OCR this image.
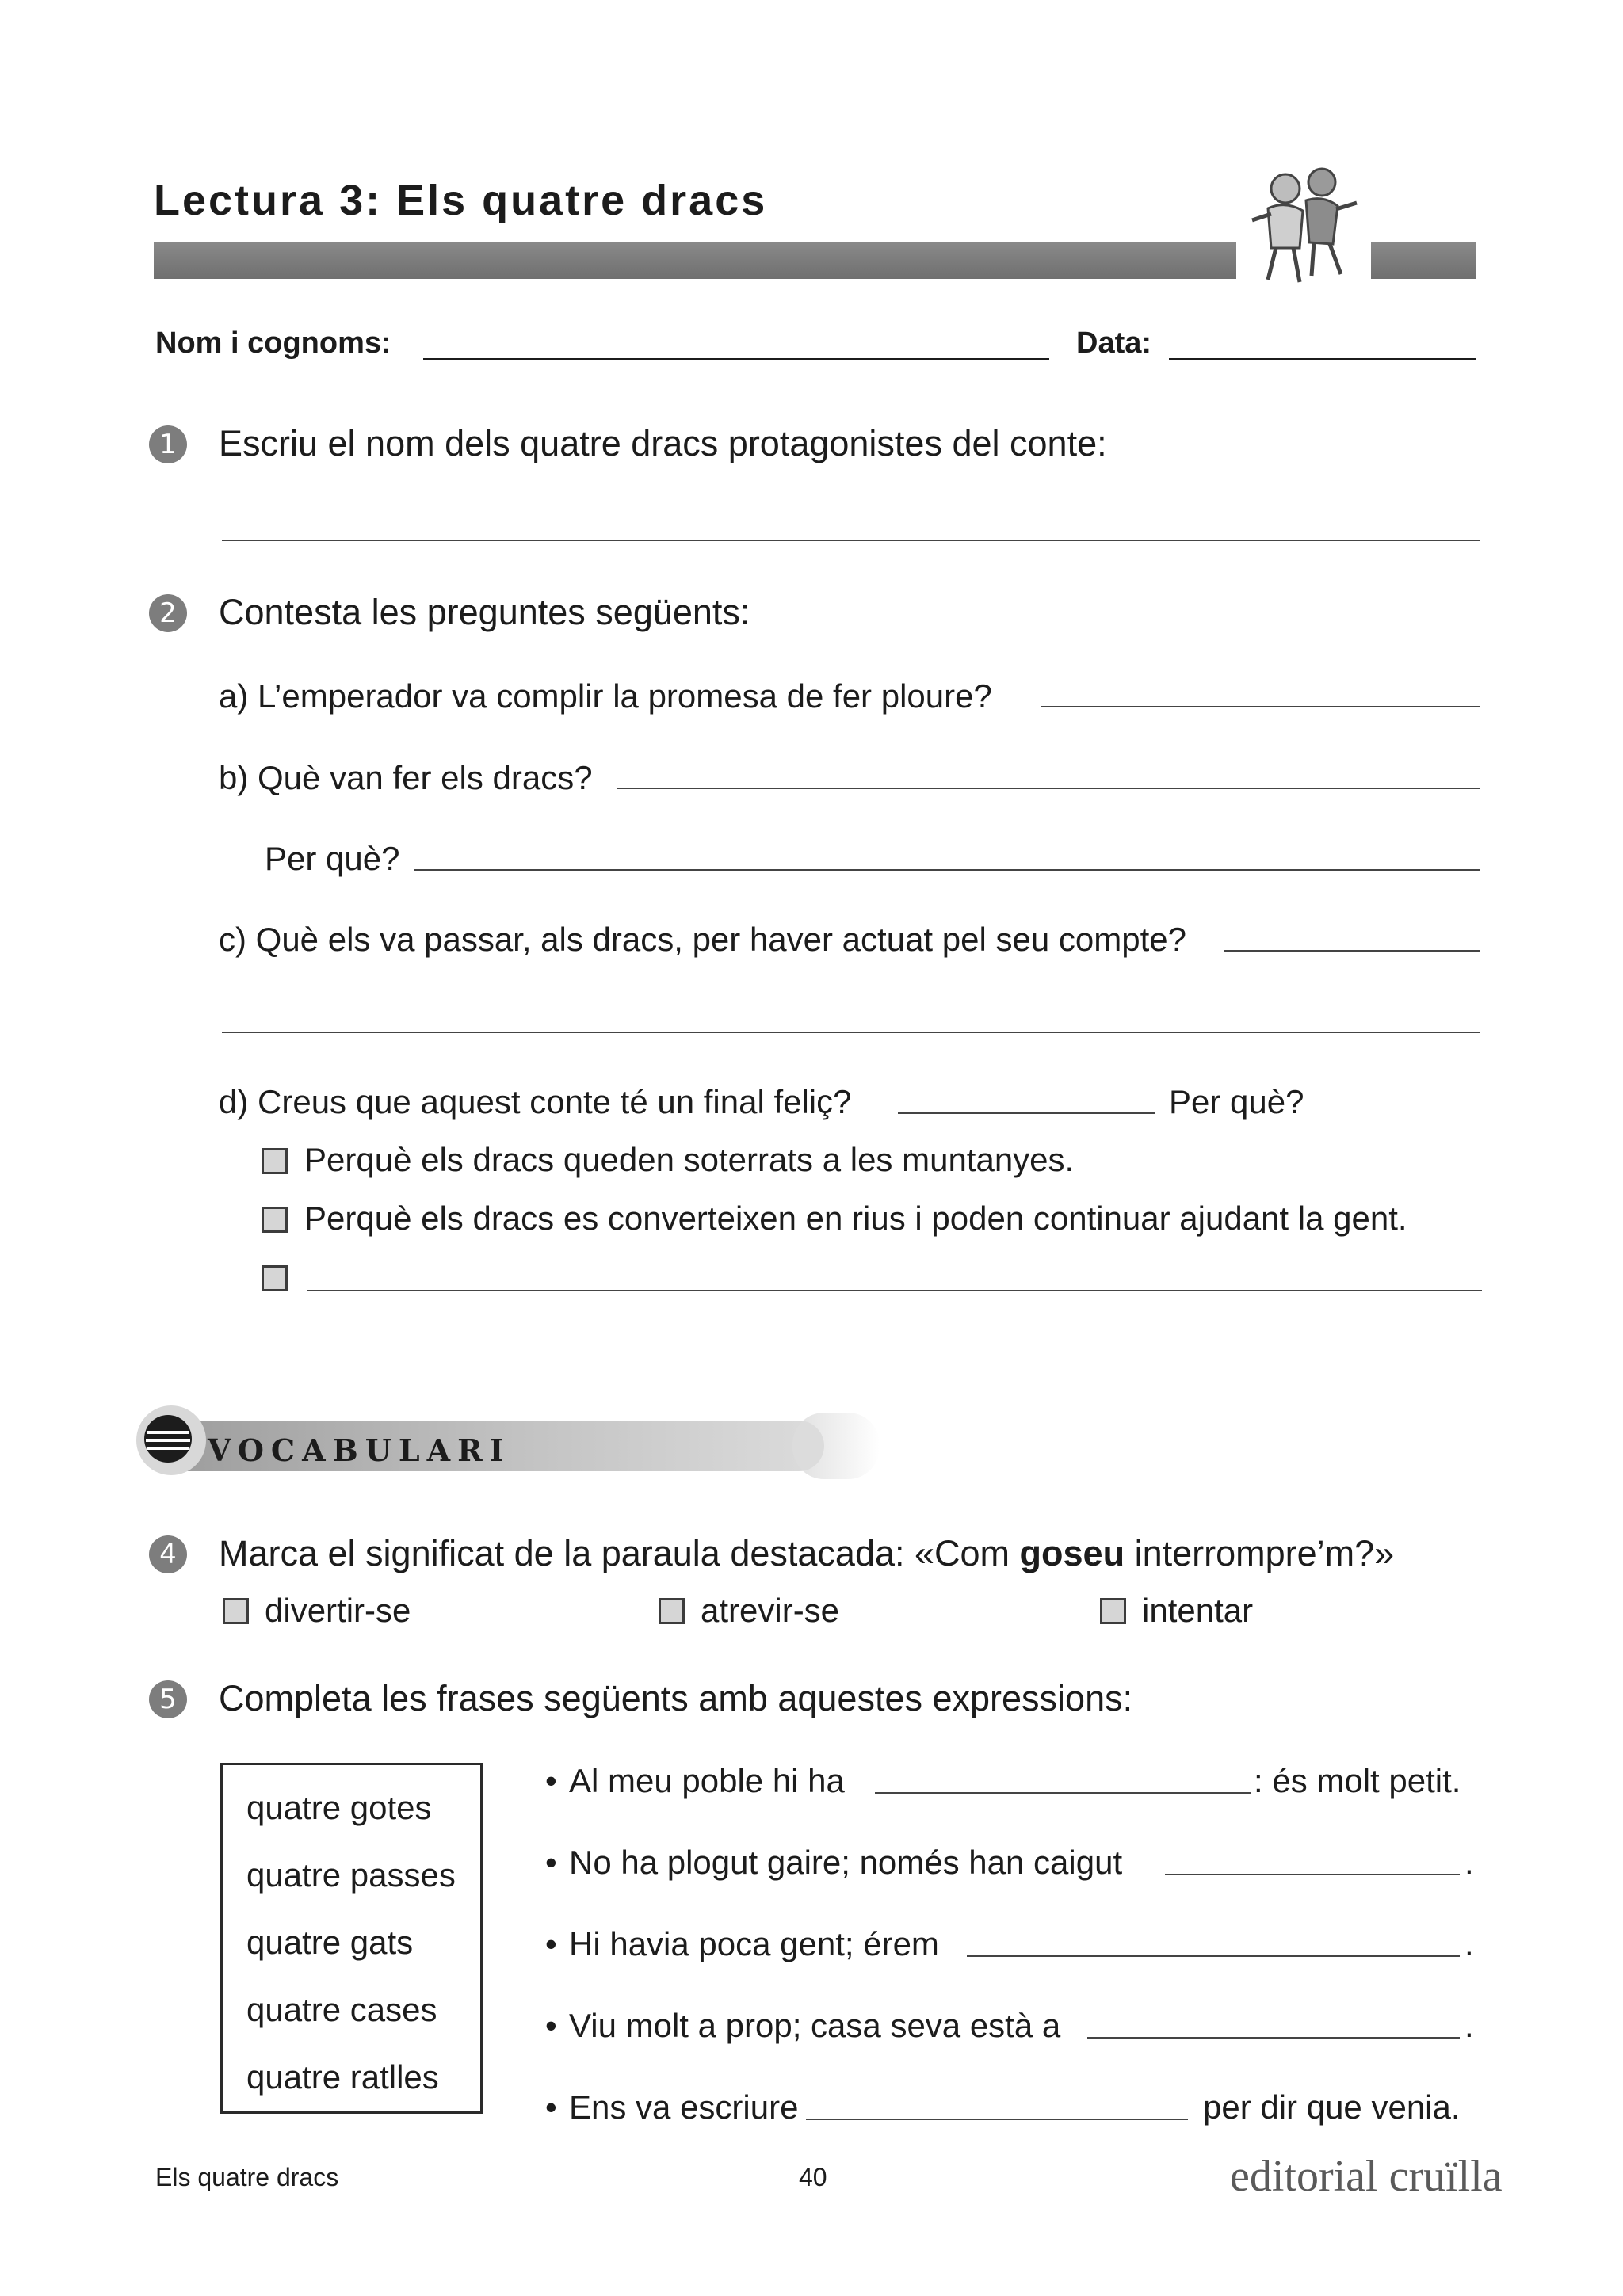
Lectura 3: Els quatre dracs
Nom i cognoms:	Data:
1 Escriu el nom dels quatre dracs protagonistes del conte:
2 Contesta les preguntes següents:
a) L’emperador va complir la promesa de fer ploure?
b) Què van fer els dracs?
Per què?
c) Què els va passar, als dracs, per haver actuat pel seu compte?
d) Creus que aquest conte té un final feliç?	Per què?
Perquè els dracs queden soterrats a les muntanyes.
Perquè els dracs es converteixen en rius i poden continuar ajudant la gent.
VOCABULARI
4 Marca el significat de la paraula destacada: «Com goseu interrompre’m?»
divertir-se	atrevir-se	intentar
5 Completa les frases següents amb aquestes expressions:
quatre gotes
quatre passes
quatre gats
quatre cases
quatre ratlles
• Al meu poble hi ha	: és molt petit.
• No ha plogut gaire; només han caigut	.
• Hi havia poca gent; érem	.
• Viu molt a prop; casa seva està a	.
• Ens va escriure	per dir que venia.
Els quatre dracs	40	editorial cruïlla
